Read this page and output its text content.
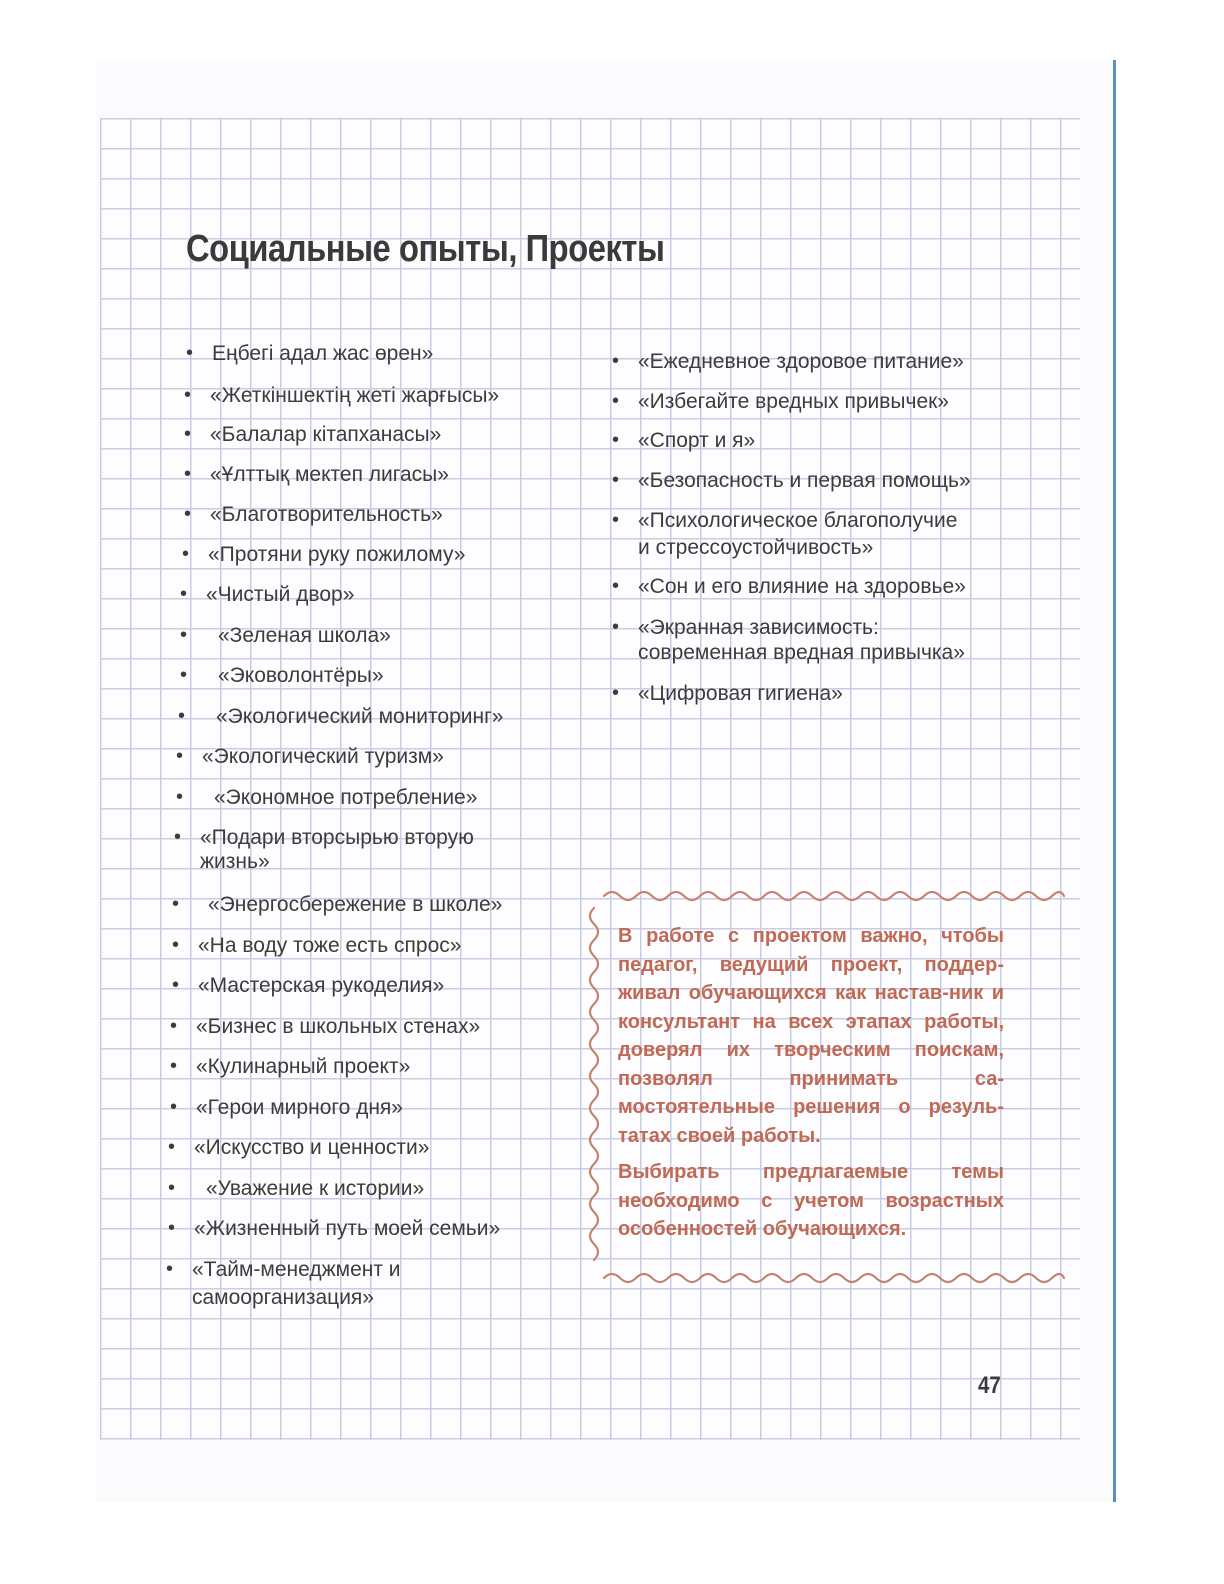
Социальные опыты, Проекты
• Еңбегі адал жас өрен»
• «Жеткіншектің жеті жарғысы»
• «Балалар кітапханасы»
• «Ұлттық мектеп лигасы»
• «Благотворительность»
• «Протяни руку пожилому»
• «Чистый двор»
•	«Зеленая школа»
•	«Эковолонтёры»
•	«Экологический мониторинг»
• «Экологический туризм»
•	«Экономное потребление»
• «Подари вторсырью вторую
жизнь»
•	«Энергосбережение в школе»
• «На воду тоже есть спрос»
• «Мастерская рукоделия»
• «Бизнес в школьных стенах»
• «Кулинарный проект»
• «Герои мирного дня»
• «Искусство и ценности»
•	«Уважение к истории»
• «Жизненный путь моей семьи»
• «Тайм-менеджмент и
самоорганизация»
• «Ежедневное здоровое питание»
• «Избегайте вредных привычек»
• «Спорт и я»
• «Безопасность и первая помощь»
• «Психологическое благополучие
и стрессоустойчивость»
• «Сон и его влияние на здоровье»
• «Экранная зависимость:
современная вредная привычка»
• «Цифровая гигиена»

В работе с проектом важно, чтобы педагог, ведущий проект, поддер-живал обучающихся как настав-ник и консультант на всех этапах работы, доверял их творческим поискам, позволял принимать са-мостоятельные решения о резуль-татах своей работы.

Выбирать предлагаемые темы необходимо с учетом возрастных особенностей обучающихся.

47
